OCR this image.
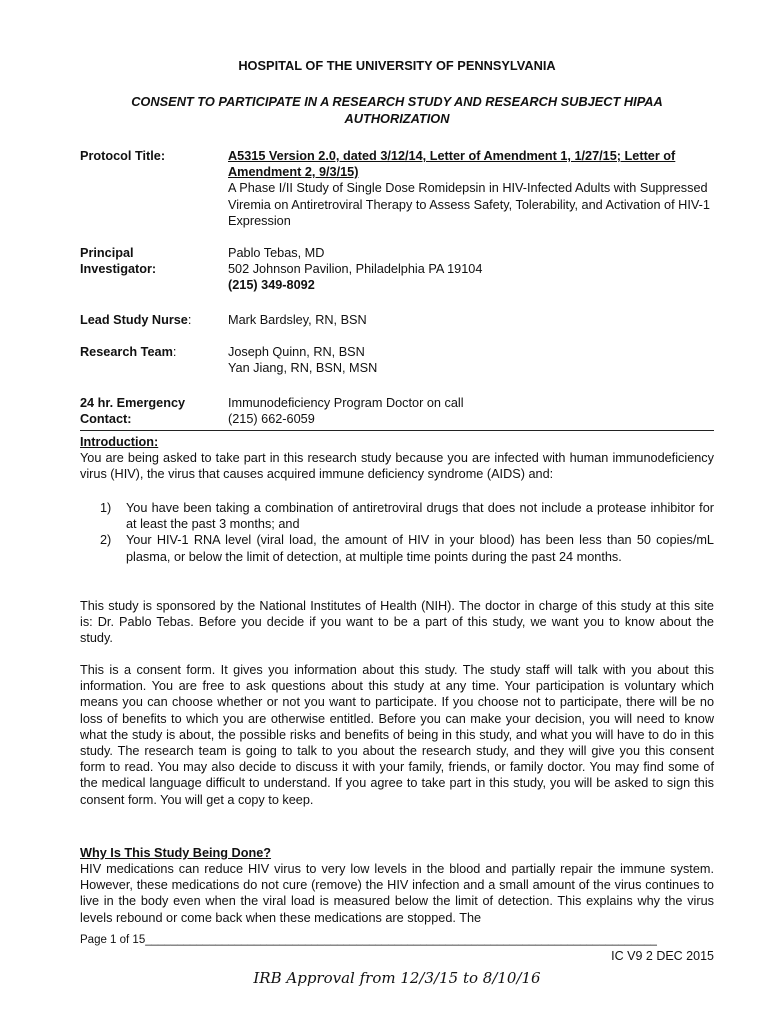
HOSPITAL OF THE UNIVERSITY OF PENNSYLVANIA
CONSENT TO PARTICIPATE IN A RESEARCH STUDY AND RESEARCH SUBJECT HIPAA
AUTHORIZATION
Protocol Title:	A5315 Version 2.0, dated 3/12/14, Letter of Amendment 1, 1/27/15; Letter of Amendment 2, 9/3/15)
A Phase I/II Study of Single Dose Romidepsin in HIV-Infected Adults with Suppressed Viremia on Antiretroviral Therapy to Assess Safety, Tolerability, and Activation of HIV-1 Expression
Principal
Investigator:
Pablo Tebas, MD
502 Johnson Pavilion, Philadelphia PA 19104
(215) 349-8092
Lead Study Nurse:	Mark Bardsley, RN, BSN
Research Team:	Joseph Quinn, RN, BSN
Yan Jiang, RN, BSN, MSN
24 hr. Emergency
Contact:
Immunodeficiency Program Doctor on call
(215) 662-6059
Introduction:
You are being asked to take part in this research study because you are infected with human immunodeficiency virus (HIV), the virus that causes acquired immune deficiency syndrome (AIDS) and:
1) You have been taking a combination of antiretroviral drugs that does not include a protease inhibitor for at least the past 3 months; and
2) Your HIV-1 RNA level (viral load, the amount of HIV in your blood) has been less than 50 copies/mL plasma, or below the limit of detection, at multiple time points during the past 24 months.
This study is sponsored by the National Institutes of Health (NIH). The doctor in charge of this study at this site is: Dr. Pablo Tebas. Before you decide if you want to be a part of this study, we want you to know about the study.
This is a consent form. It gives you information about this study. The study staff will talk with you about this information. You are free to ask questions about this study at any time. Your participation is voluntary which means you can choose whether or not you want to participate. If you choose not to participate, there will be no loss of benefits to which you are otherwise entitled. Before you can make your decision, you will need to know what the study is about, the possible risks and benefits of being in this study, and what you will have to do in this study. The research team is going to talk to you about the research study, and they will give you this consent form to read. You may also decide to discuss it with your family, friends, or family doctor. You may find some of the medical language difficult to understand. If you agree to take part in this study, you will be asked to sign this consent form. You will get a copy to keep.
Why Is This Study Being Done?
HIV medications can reduce HIV virus to very low levels in the blood and partially repair the immune system. However, these medications do not cure (remove) the HIV infection and a small amount of the virus continues to live in the body even when the viral load is measured below the limit of detection. This explains why the virus levels rebound or come back when these medications are stopped. The
Page 1 of 15________________________________________________________________________________
IC V9 2 DEC 2015
IRB Approval from 12/3/15 to 8/10/16
